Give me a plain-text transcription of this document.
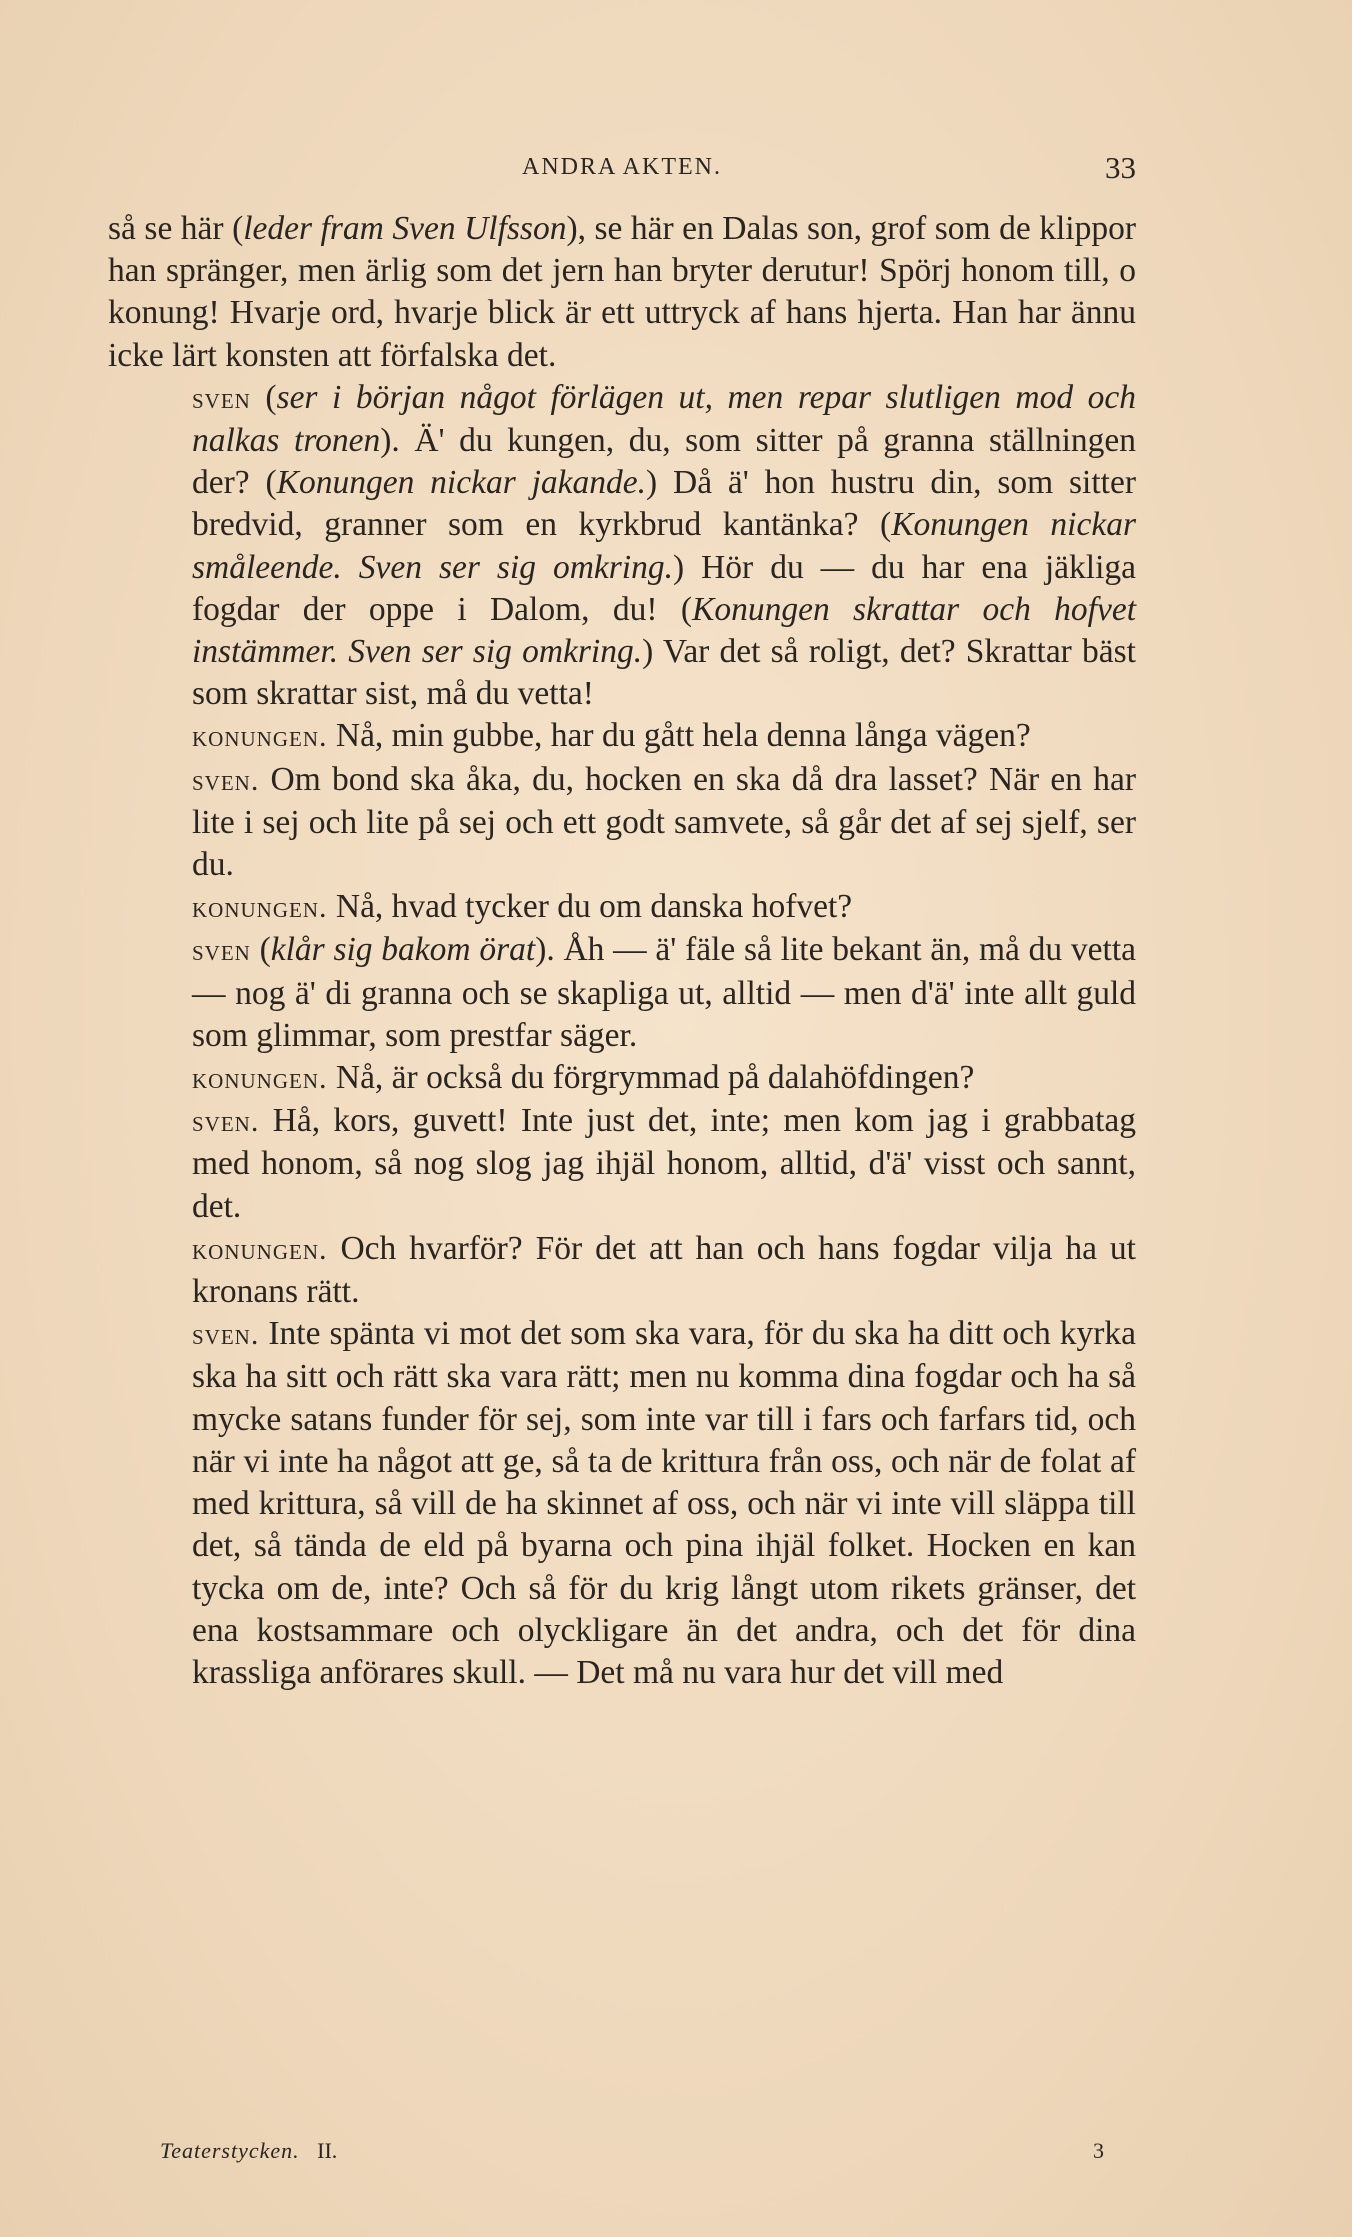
ANDRA AKTEN.	33

så se här (leder fram Sven Ulfsson), se här en Dalas son, grof som de klippor han spränger, men ärlig som det jern han bryter derutur! Spörj honom till, o konung! Hvarje ord, hvarje blick är ett uttryck af hans hjerta. Han har ännu icke lärt konsten att förfalska det.

sven (ser i början något förlägen ut, men repar slutligen mod och nalkas tronen). Ä' du kungen, du, som sitter på granna ställningen der? (Konungen nickar jakande.) Då ä' hon hustru din, som sitter bredvid, granner som en kyrkbrud kantänka? (Konungen nickar småleende. Sven ser sig omkring.) Hör du — du har ena jäkliga fogdar der oppe i Dalom, du! (Konungen skrattar och hofvet instämmer. Sven ser sig omkring.) Var det så roligt, det? Skrattar bäst som skrattar sist, må du vetta!

konungen. Nå, min gubbe, har du gått hela denna långa vägen?

sven. Om bond ska åka, du, hocken en ska då dra lasset? När en har lite i sej och lite på sej och ett godt samvete, så går det af sej sjelf, ser du.

konungen. Nå, hvad tycker du om danska hofvet?

sven (klår sig bakom örat). Åh — ä' fäle så lite bekant än, må du vetta — nog ä' di granna och se skapliga ut, alltid — men d'ä' inte allt guld som glimmar, som prestfar säger.

konungen. Nå, är också du förgrymmad på dalahöfdingen?

sven. Hå, kors, guvett! Inte just det, inte; men kom jag i grabbatag med honom, så nog slog jag ihjäl honom, alltid, d'ä' visst och sannt, det.

konungen. Och hvarför? För det att han och hans fogdar vilja ha ut kronans rätt.

sven. Inte spänta vi mot det som ska vara, för du ska ha ditt och kyrka ska ha sitt och rätt ska vara rätt; men nu komma dina fogdar och ha så mycke satans funder för sej, som inte var till i fars och farfars tid, och när vi inte ha något att ge, så ta de krittura från oss, och när de folat af med krittura, så vill de ha skinnet af oss, och när vi inte vill släppa till det, så tända de eld på byarna och pina ihjäl folket. Hocken en kan tycka om de, inte? Och så för du krig långt utom rikets gränser, det ena kostsammare och olyckligare än det andra, och det för dina krassliga anförares skull. — Det må nu vara hur det vill med

Teaterstycken. II.	3
